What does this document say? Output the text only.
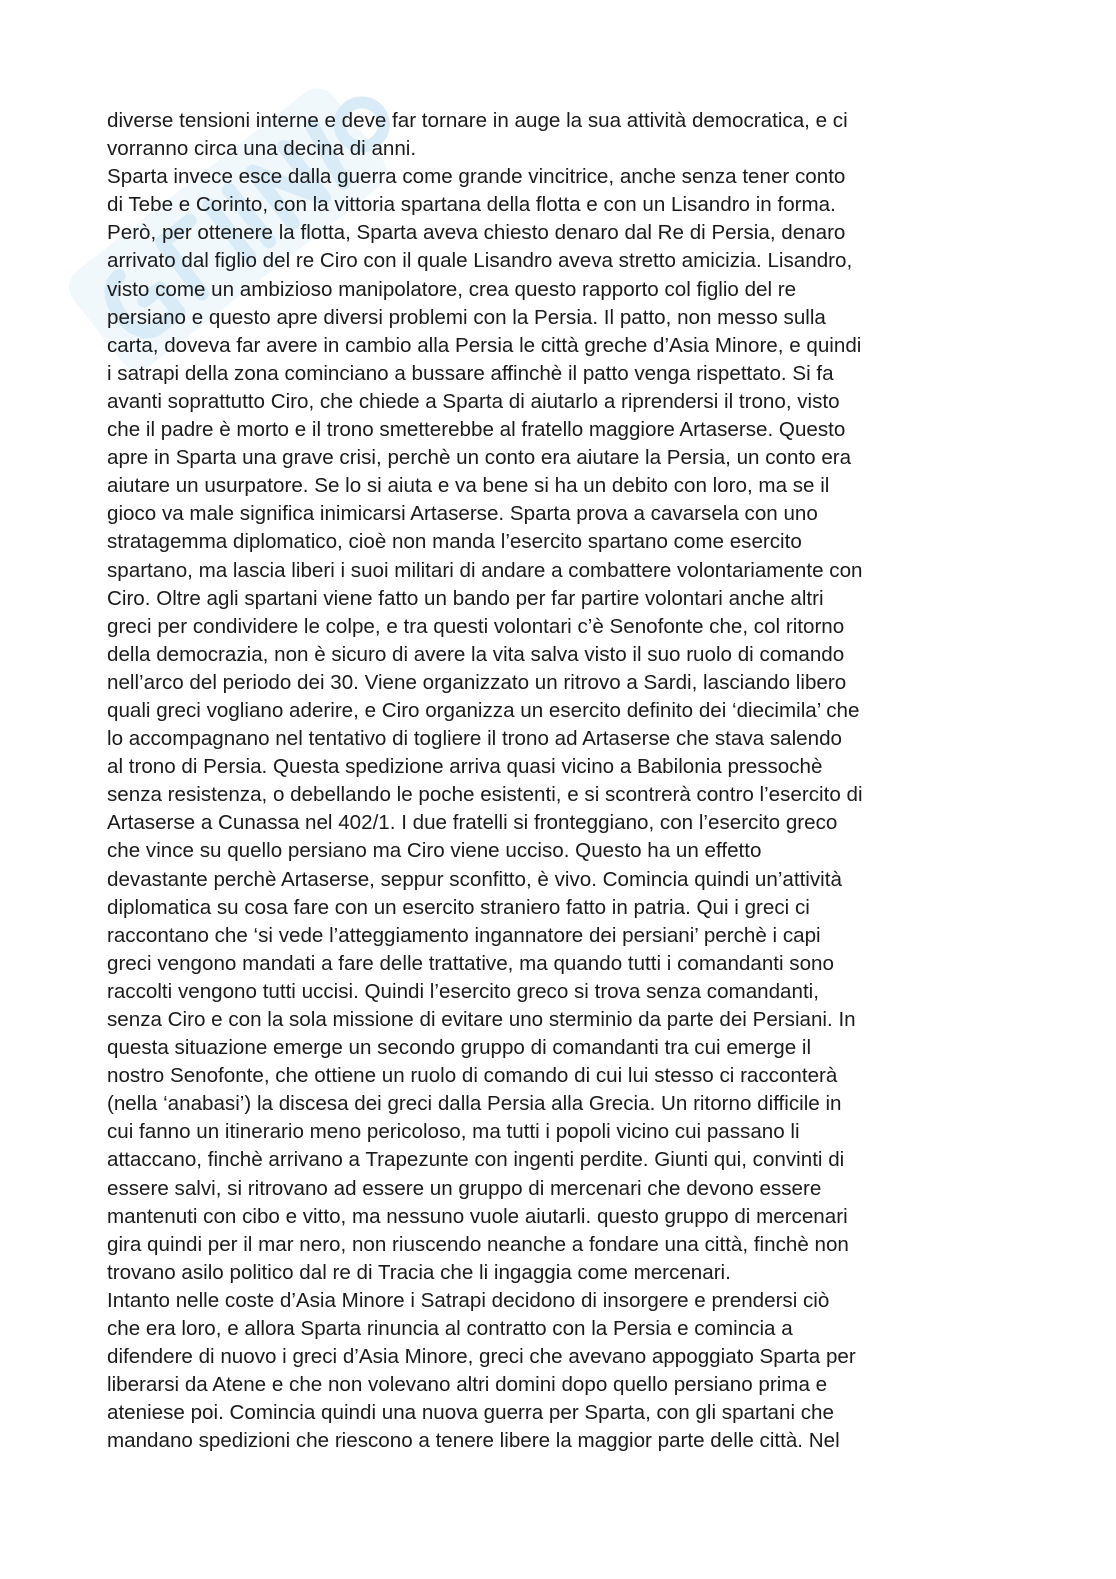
diverse tensioni interne e deve far tornare in auge la sua attività democratica, e ci
vorranno circa una decina di anni.
Sparta invece esce dalla guerra come grande vincitrice, anche senza tener conto
di Tebe e Corinto, con la vittoria spartana della flotta e con un Lisandro in forma.
Però, per ottenere la flotta, Sparta aveva chiesto denaro dal Re di Persia, denaro
arrivato dal figlio del re Ciro con il quale Lisandro aveva stretto amicizia. Lisandro,
visto come un ambizioso manipolatore, crea questo rapporto col figlio del re
persiano e questo apre diversi problemi con la Persia. Il patto, non messo sulla
carta, doveva far avere in cambio alla Persia le città greche d’Asia Minore, e quindi
i satrapi della zona cominciano a bussare affinchè il patto venga rispettato. Si fa
avanti soprattutto Ciro, che chiede a Sparta di aiutarlo a riprendersi il trono, visto
che il padre è morto e il trono smetterebbe al fratello maggiore Artaserse. Questo
apre in Sparta una grave crisi, perchè un conto era aiutare la Persia, un conto era
aiutare un usurpatore. Se lo si aiuta e va bene si ha un debito con loro, ma se il
gioco va male significa inimicarsi Artaserse. Sparta prova a cavarsela con uno
stratagemma diplomatico, cioè non manda l’esercito spartano come esercito
spartano, ma lascia liberi i suoi militari di andare a combattere volontariamente con
Ciro. Oltre agli spartani viene fatto un bando per far partire volontari anche altri
greci per condividere le colpe, e tra questi volontari c’è Senofonte che, col ritorno
della democrazia, non è sicuro di avere la vita salva visto il suo ruolo di comando
nell’arco del periodo dei 30. Viene organizzato un ritrovo a Sardi, lasciando libero
quali greci vogliano aderire, e Ciro organizza un esercito definito dei ‘diecimila’ che
lo accompagnano nel tentativo di togliere il trono ad Artaserse che stava salendo
al trono di Persia. Questa spedizione arriva quasi vicino a Babilonia pressochè
senza resistenza, o debellando le poche esistenti, e si scontrerà contro l’esercito di
Artaserse a Cunassa nel 402/1. I due fratelli si fronteggiano, con l’esercito greco
che vince su quello persiano ma Ciro viene ucciso. Questo ha un effetto
devastante perchè Artaserse, seppur sconfitto, è vivo. Comincia quindi un’attività
diplomatica su cosa fare con un esercito straniero fatto in patria. Qui i greci ci
raccontano che ‘si vede l’atteggiamento ingannatore dei persiani’ perchè i capi
greci vengono mandati a fare delle trattative, ma quando tutti i comandanti sono
raccolti vengono tutti uccisi. Quindi l’esercito greco si trova senza comandanti,
senza Ciro e con la sola missione di evitare uno sterminio da parte dei Persiani. In
questa situazione emerge un secondo gruppo di comandanti tra cui emerge il
nostro Senofonte, che ottiene un ruolo di comando di cui lui stesso ci racconterà
(nella ‘anabasi’) la discesa dei greci dalla Persia alla Grecia. Un ritorno difficile in
cui fanno un itinerario meno pericoloso, ma tutti i popoli vicino cui passano li
attaccano, finchè arrivano a Trapezunte con ingenti perdite. Giunti qui, convinti di
essere salvi, si ritrovano ad essere un gruppo di mercenari che devono essere
mantenuti con cibo e vitto, ma nessuno vuole aiutarli. questo gruppo di mercenari
gira quindi per il mar nero, non riuscendo neanche a fondare una città, finchè non
trovano asilo politico dal re di Tracia che li ingaggia come mercenari.
Intanto nelle coste d’Asia Minore i Satrapi decidono di insorgere e prendersi ciò
che era loro, e allora Sparta rinuncia al contratto con la Persia e comincia a
difendere di nuovo i greci d’Asia Minore, greci che avevano appoggiato Sparta per
liberarsi da Atene e che non volevano altri domini dopo quello persiano prima e
ateniese poi. Comincia quindi una nuova guerra per Sparta, con gli spartani che
mandano spedizioni che riescono a tenere libere la maggior parte delle città. Nel
